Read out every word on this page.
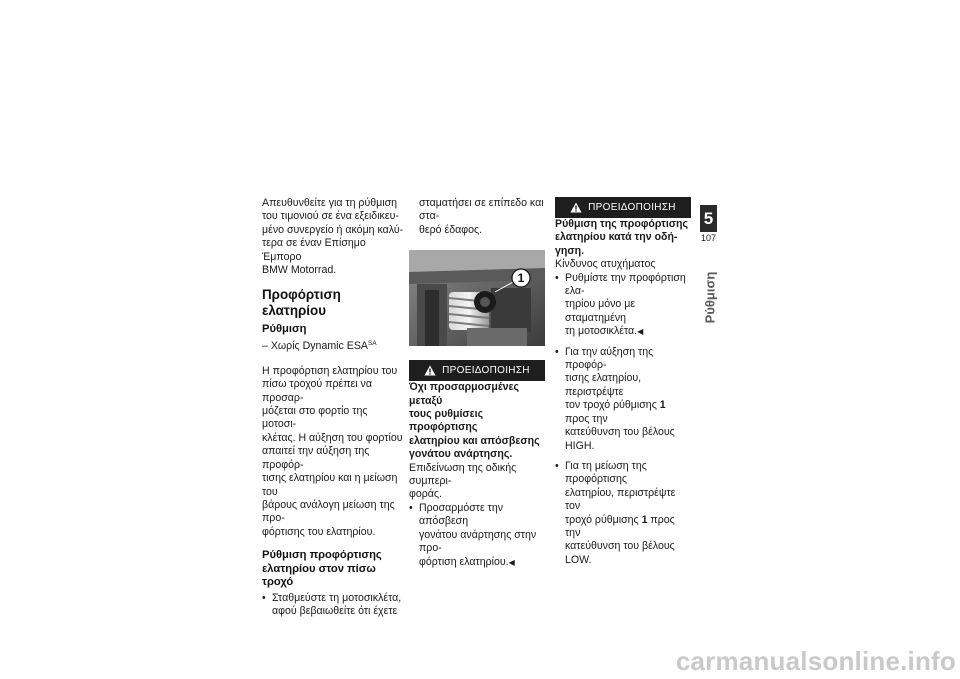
Απευθυνθείτε για τη ρύθμιση
του τιμονιού σε ένα εξειδικευ-
μένο συνεργείο ή ακόμη καλύ-
τερα σε έναν Επίσημο Έμπορο
BMW Motorrad.

Προφόρτιση ελατηρίου
Ρύθμιση

– Χωρίς Dynamic $ESA^{SA}$

Η προφόρτιση ελατηρίου του
πίσω τροχού πρέπει να προσαρ-
μόζεται στο φορτίο της μοτοσι-
κλέτας. Η αύξηση του φορτίου
απαιτεί την αύξηση της προφόρ-
τισης ελατηρίου και η μείωση του
βάρους ανάλογη μείωση της προ-
φόρτισης του ελατηρίου.

Ρύθμιση προφόρτισης
ελατηρίου στον πίσω
τροχό
• Σταθμεύστε τη μοτοσικλέτα,
αφού βεβαιωθείτε ότι έχετε

σταματήσει σε επίπεδο και στα-
θερό έδαφος.

1
ΠΡΟΕΙΔΟΠΟΙΗΣΗ

Όχι προσαρμοσμένες μεταξύ
τους ρυθμίσεις προφόρτισης
ελατηρίου και απόσβεσης
γονάτου ανάρτησης.

Επιδείνωση της οδικής συμπερι-
φοράς.

• Προσαρμόστε την απόσβεση
γονάτου ανάρτησης στην προ-
φόρτιση ελατηρίου.◀
ΠΡΟΕΙΔΟΠΟΙΗΣΗ

Ρύθμιση της προφόρτισης
ελατηρίου κατά την οδή-
γηση.

Κίνδυνος ατυχήματος

• Ρυθμίστε την προφόρτιση ελα-
τηρίου μόνο με σταματημένη
τη μοτοσικλέτα.◀
• Για την αύξηση της προφόρ-
τισης ελατηρίου, περιστρέψτε
τον τροχό ρύθμισης 1 προς την
κατεύθυνση του βέλους HIGH.
• Για τη μείωση της προφόρτισης
ελατηρίου, περιστρέψτε τον
τροχό ρύθμισης 1 προς την
κατεύθυνση του βέλους LOW.
5
107
Ρύθμιση
carmanualsonline.info
